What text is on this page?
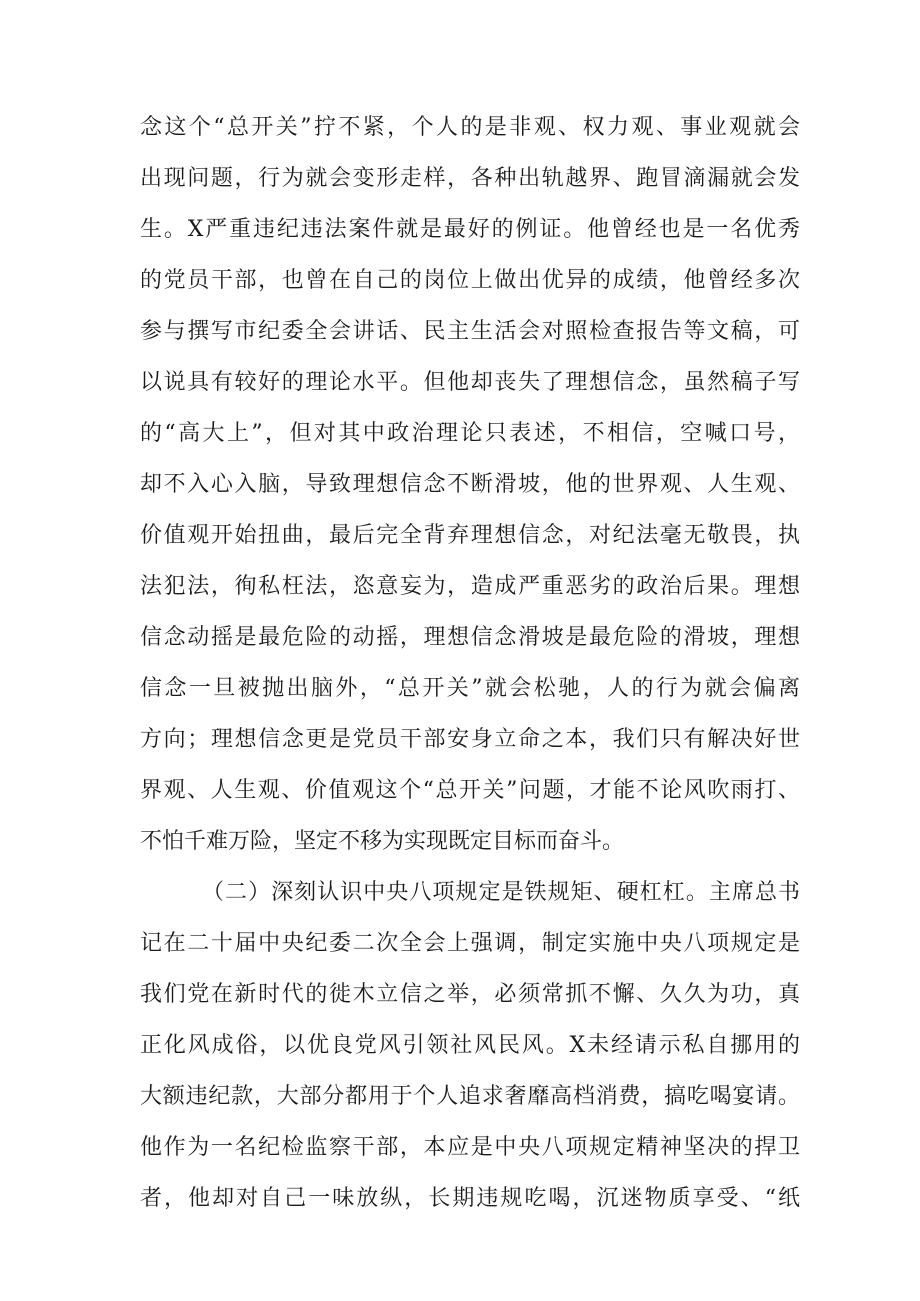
念这个“总开关”拧不紧，个人的是非观、权力观、事业观就会
出现问题，行为就会变形走样，各种出轨越界、跑冒滴漏就会发
生。X严重违纪违法案件就是最好的例证。他曾经也是一名优秀
的党员干部，也曾在自己的岗位上做出优异的成绩，他曾经多次
参与撰写市纪委全会讲话、民主生活会对照检查报告等文稿，可
以说具有较好的理论水平。但他却丧失了理想信念，虽然稿子写
的“高大上”，但对其中政治理论只表述，不相信，空喊口号，
却不入心入脑，导致理想信念不断滑坡，他的世界观、人生观、
价值观开始扭曲，最后完全背弃理想信念，对纪法毫无敬畏，执
法犯法，徇私枉法，恣意妄为，造成严重恶劣的政治后果。理想
信念动摇是最危险的动摇，理想信念滑坡是最危险的滑坡，理想
信念一旦被抛出脑外，“总开关”就会松驰，人的行为就会偏离
方向；理想信念更是党员干部安身立命之本，我们只有解决好世
界观、人生观、价值观这个“总开关”问题，才能不论风吹雨打、
不怕千难万险，坚定不移为实现既定目标而奋斗。
（二）深刻认识中央八项规定是铁规矩、硬杠杠。主席总书
记在二十届中央纪委二次全会上强调，制定实施中央八项规定是
我们党在新时代的徙木立信之举，必须常抓不懈、久久为功，真
正化风成俗，以优良党风引领社风民风。X未经请示私自挪用的
大额违纪款，大部分都用于个人追求奢靡高档消费，搞吃喝宴请。
他作为一名纪检监察干部，本应是中央八项规定精神坚决的捍卫
者，他却对自己一味放纵，长期违规吃喝，沉迷物质享受、“纸
